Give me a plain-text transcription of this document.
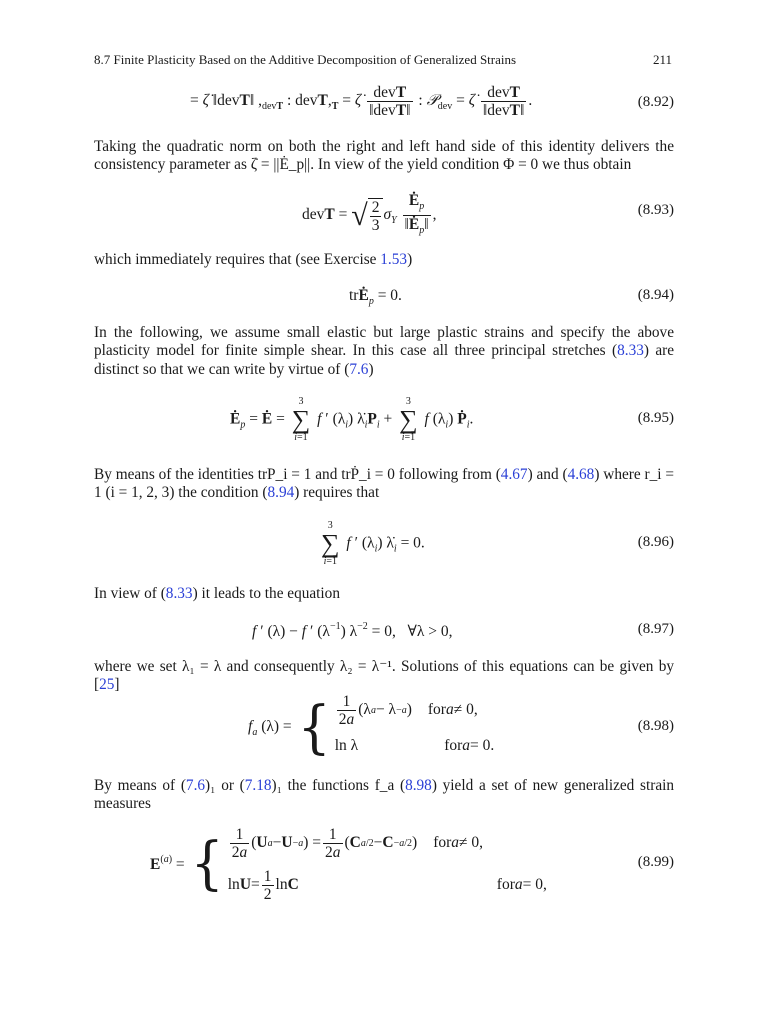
8.7 Finite Plasticity Based on the Additive Decomposition of Generalized Strains	211
= ζ̇ ‖devT‖ $,_{devT}$ : $devT,_T$ = ζ̇ $\frac{\text{devT}}{\text{‖devT‖}}$ : 𝒫$_{dev}$ = ζ̇ $\frac{\text{devT}}{\text{‖devT‖}}$ .	(8.92)

Taking the quadratic norm on both the right and left hand side of this identity delivers the consistency parameter as ζ̇ = ||Ė_p||. In view of the yield condition Φ = 0 we thus obtain

devT = √ $\frac{2}{3} \sigma_Y \frac{Ė_p}{‖Ė_p‖}$ ,	(8.93)

which immediately requires that (see Exercise 1.53)

trĖ$_p$ = 0.	(8.94)

In the following, we assume small elastic but large plastic strains and specify the above plasticity model for finite simple shear. In this case all three principal stretches (8.33) are distinct so that we can write by virtue of (7.6)

$Ė_p$ = Ė =
3
∑
i=1
f ′ $(\lambda_i)$ $\lambdȧ_iP_i$ +
3
∑
i=1
f $(\lambda_i)$ Ṗ$_i$.	(8.95)

By means of the identities trP_i = 1 and trṖ_i = 0 following from (4.67) and (4.68) where r_i = 1 (i = 1, 2, 3) the condition (8.94) requires that

3
∑
i=1
f ′ $(\lambda_i)$ $\lambdȧ_i = 0$.	(8.96)

In view of (8.33) it leads to the equation

f ′ (λ) − f ′ $(\lambda^{-1}) \lambda^{-2} = 0$,   ∀λ > 0,	(8.97)

where we set λ₁ = λ and consequently λ₂ = λ⁻¹. Solutions of this equations can be given by [25]

$f_a$ (λ) = { $\frac{1}{2a} (\lambda$ a − λ −a ) for a ≠ 0,
ln λ	for a = 0.
(8.98)

By means of (7.6)₁ or (7.18)₁ the functions f_a (8.98) yield a set of new generalized strain measures

$E^{(a)}$ = { $\frac{1}{2a}$ ( U a − U −a ) = $\frac{1}{2a}$ ( C a/2 − C −a/2 ) for a ≠ 0,
$\ln U = \frac{1}{2}$ ln C	for a = 0,
(8.99)
